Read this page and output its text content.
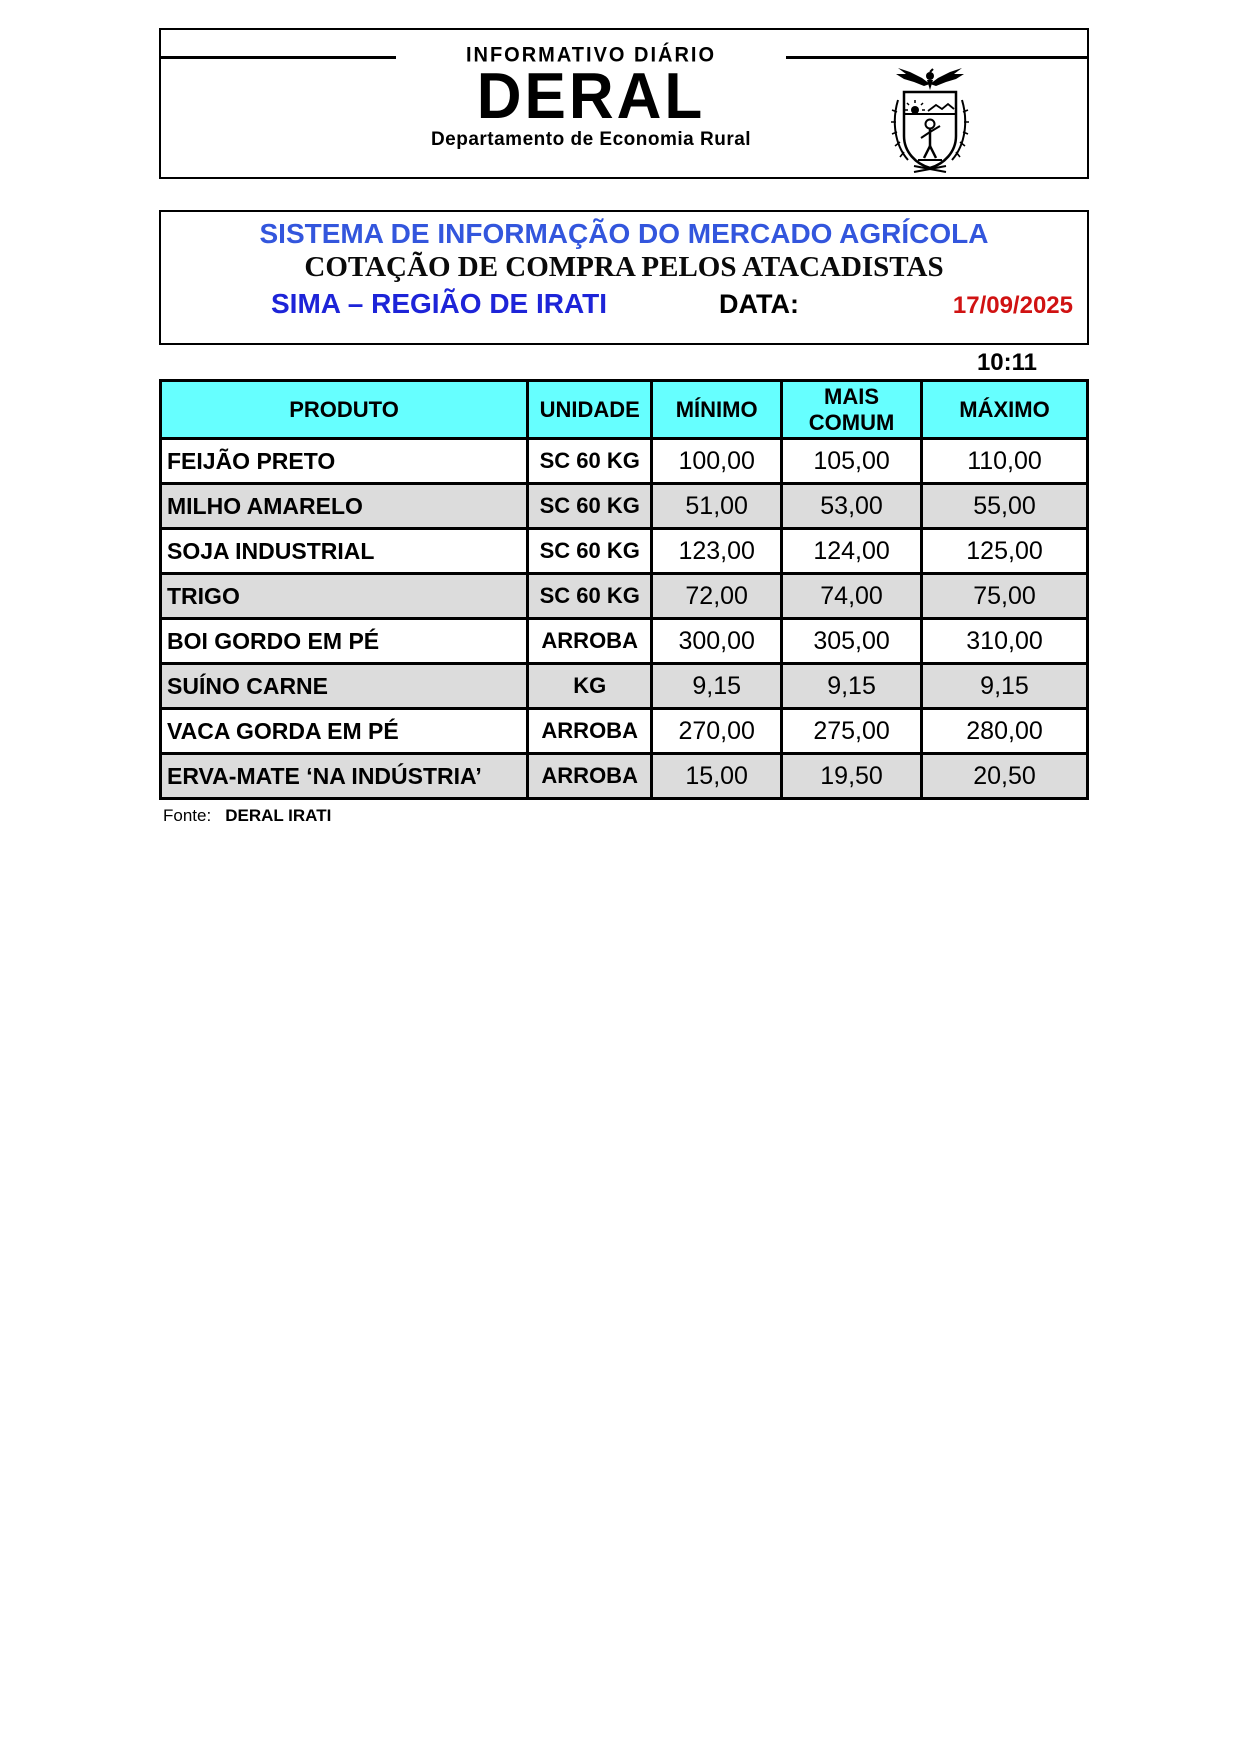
INFORMATIVO DIÁRIO
DERAL
Departamento de Economia Rural
SISTEMA DE INFORMAÇÃO DO MERCADO AGRÍCOLA
COTAÇÃO DE COMPRA PELOS ATACADISTAS
SIMA – REGIÃO DE IRATI	DATA:	17/09/2025
10:11
PRODUTO	UNIDADE	MÍNIMO	MAIS COMUM	MÁXIMO
FEIJÃO PRETO	SC 60 KG	100,00	105,00	110,00
MILHO AMARELO	SC 60 KG	51,00	53,00	55,00
SOJA INDUSTRIAL	SC 60 KG	123,00	124,00	125,00
TRIGO	SC 60 KG	72,00	74,00	75,00
BOI GORDO EM PÉ	ARROBA	300,00	305,00	310,00
SUÍNO CARNE	KG	9,15	9,15	9,15
VACA GORDA EM PÉ	ARROBA	270,00	275,00	280,00
ERVA-MATE ‘NA INDÚSTRIA’	ARROBA	15,00	19,50	20,50
Fonte: DERAL IRATI
